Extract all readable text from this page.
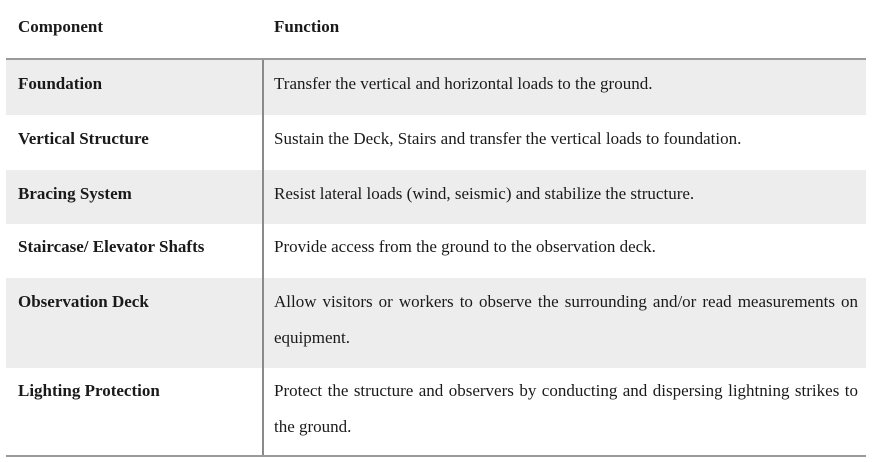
Component	Function
Foundation	Transfer the vertical and horizontal loads to the ground.
Vertical Structure	Sustain the Deck, Stairs and transfer the vertical loads to foundation.
Bracing System	Resist lateral loads (wind, seismic) and stabilize the structure.
Staircase/ Elevator Shafts	Provide access from the ground to the observation deck.
Observation Deck	Allow visitors or workers to observe the surrounding and/or read measurements on equipment.
Lighting Protection	Protect the structure and observers by conducting and dispersing lightning strikes to the ground.
